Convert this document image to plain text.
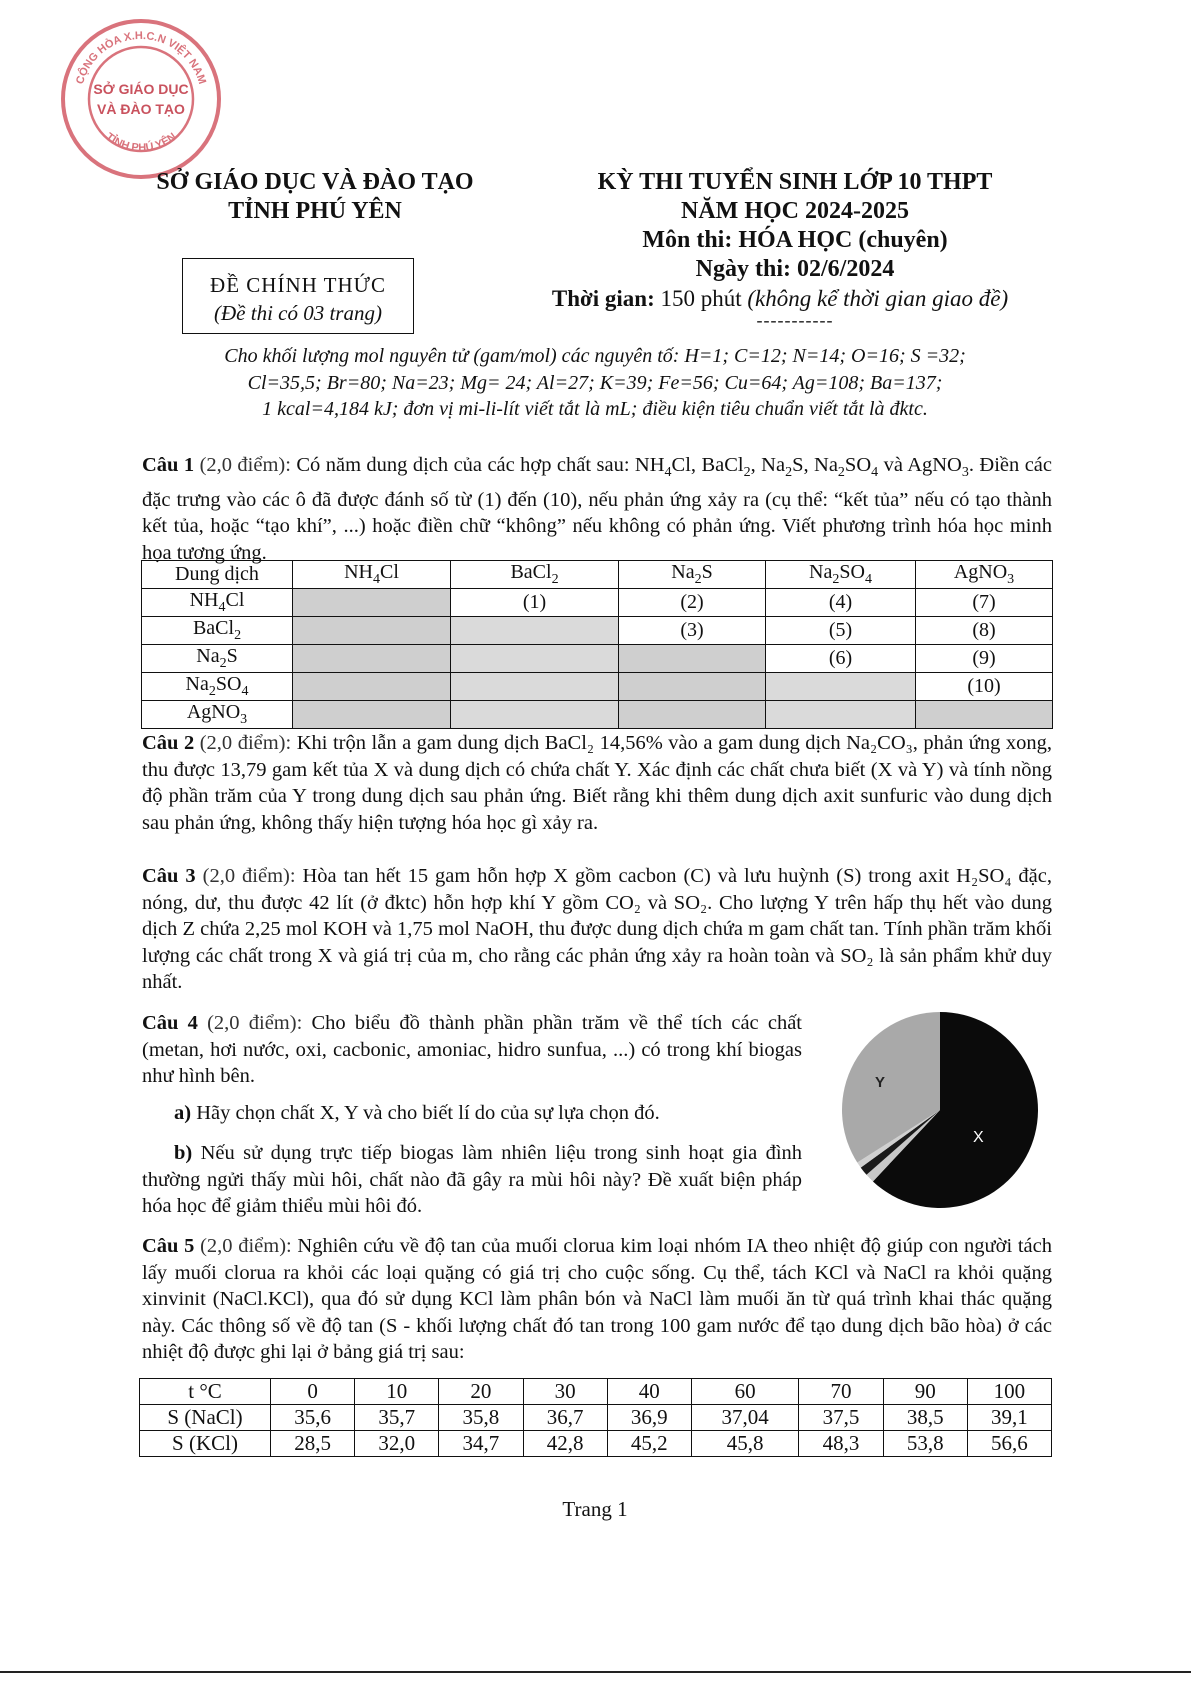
CỘNG HÒA X.H.C.N VIỆT NAM
TỈNH PHÚ YÊN
SỞ GIÁO DỤC
VÀ ĐÀO TẠO
SỞ GIÁO DỤC VÀ ĐÀO TẠO
TỈNH PHÚ YÊN
ĐỀ CHÍNH THỨC
(Đề thi có 03 trang)
KỲ THI TUYỂN SINH LỚP 10 THPT
NĂM HỌC 2024-2025
Môn thi: HÓA HỌC (chuyên)
Ngày thi: 02/6/2024
Thời gian: 150 phút (không kể thời gian giao đề)
-----------
Cho khối lượng mol nguyên tử (gam/mol) các nguyên tố: H=1; C=12; N=14; O=16; S =32;
Cl=35,5; Br=80; Na=23; Mg= 24; Al=27; K=39; Fe=56; Cu=64; Ag=108; Ba=137;
1 kcal=4,184 kJ; đơn vị mi-li-lít viết tắt là mL; điều kiện tiêu chuẩn viết tắt là đktc.
Câu 1 (2,0 điểm): Có năm dung dịch của các hợp chất sau: $NH_4Cl$, BaCl$_2$, $Na_2S$, $Na_2SO_4$ và AgNO$_3$. Điền các đặc trưng vào các ô đã được đánh số từ (1) đến (10), nếu phản ứng xảy ra (cụ thể: “kết tủa” nếu có tạo thành kết tủa, hoặc “tạo khí”, ...) hoặc điền chữ “không” nếu không có phản ứng. Viết phương trình hóa học minh họa tương ứng.
Dung dịch	$NH_4Cl$	BaCl$_2$	$Na_2S$	$Na_2SO_4$	AgNO$_3$
$NH_4Cl$		(1)	(2)	(4)	(7)
BaCl$_2$			(3)	(5)	(8)
$Na_2S$				(6)	(9)
$Na_2SO_4$					(10)
AgNO$_3$					
Câu 2 (2,0 điểm): Khi trộn lẫn a gam dung dịch BaCl₂ 14,56% vào a gam dung dịch Na₂CO₃, phản ứng xong, thu được 13,79 gam kết tủa X và dung dịch có chứa chất Y. Xác định các chất chưa biết (X và Y) và tính nồng độ phần trăm của Y trong dung dịch sau phản ứng. Biết rằng khi thêm dung dịch axit sunfuric vào dung dịch sau phản ứng, không thấy hiện tượng hóa học gì xảy ra.
Câu 3 (2,0 điểm): Hòa tan hết 15 gam hỗn hợp X gồm cacbon (C) và lưu huỳnh (S) trong axit H₂SO₄ đặc, nóng, dư, thu được 42 lít (ở đktc) hỗn hợp khí Y gồm CO₂ và SO₂. Cho lượng Y trên hấp thụ hết vào dung dịch Z chứa 2,25 mol KOH và 1,75 mol NaOH, thu được dung dịch chứa m gam chất tan. Tính phần trăm khối lượng các chất trong X và giá trị của m, cho rằng các phản ứng xảy ra hoàn toàn và SO₂ là sản phẩm khử duy nhất.
Câu 4 (2,0 điểm): Cho biểu đồ thành phần phần trăm về thể tích các chất (metan, hơi nước, oxi, cacbonic, amoniac, hidro sunfua, ...) có trong khí biogas như hình bên.
a) Hãy chọn chất X, Y và cho biết lí do của sự lựa chọn đó.
b) Nếu sử dụng trực tiếp biogas làm nhiên liệu trong sinh hoạt gia đình thường ngửi thấy mùi hôi, chất nào đã gây ra mùi hôi này? Đề xuất biện pháp hóa học để giảm thiểu mùi hôi đó.
X
Y
Câu 5 (2,0 điểm): Nghiên cứu về độ tan của muối clorua kim loại nhóm IA theo nhiệt độ giúp con người tách lấy muối clorua ra khỏi các loại quặng có giá trị cho cuộc sống. Cụ thể, tách KCl và NaCl ra khỏi quặng xinvinit (NaCl.KCl), qua đó sử dụng KCl làm phân bón và NaCl làm muối ăn từ quá trình khai thác quặng này. Các thông số về độ tan (S - khối lượng chất đó tan trong 100 gam nước để tạo dung dịch bão hòa) ở các nhiệt độ được ghi lại ở bảng giá trị sau:
t °C	0	10	20	30	40	60	70	90	100
S (NaCl)	35,6	35,7	35,8	36,7	36,9	37,04	37,5	38,5	39,1
S (KCl)	28,5	32,0	34,7	42,8	45,2	45,8	48,3	53,8	56,6
Trang 1
